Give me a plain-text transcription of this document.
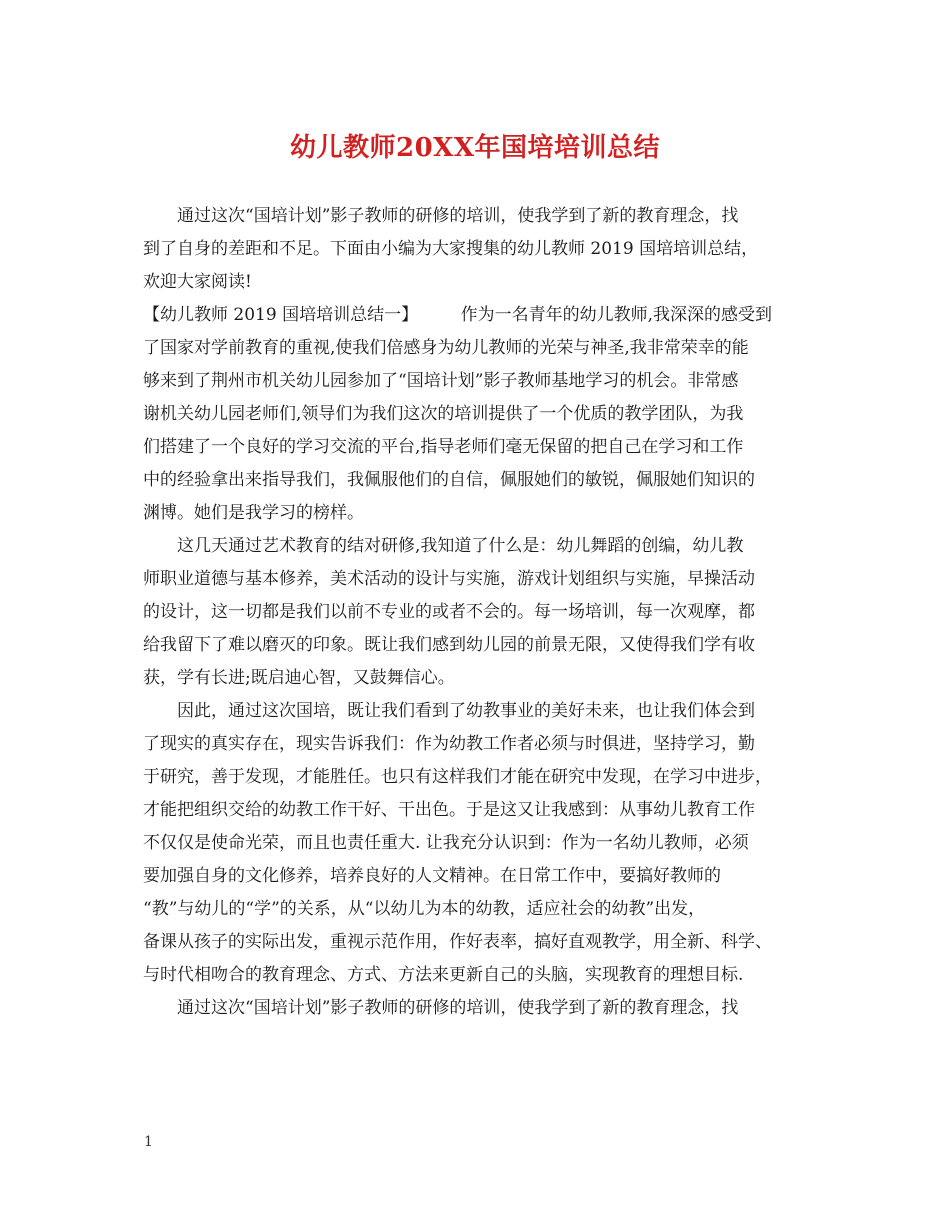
幼儿教师20XX年国培培训总结
通过这次“国培计划”影子教师的研修的培训，使我学到了新的教育理念，找
到了自身的差距和不足。下面由小编为大家搜集的幼儿教师 2019 国培培训总结，
欢迎大家阅读!
【幼儿教师 2019 国培培训总结一】　　　作为一名青年的幼儿教师,我深深的感受到
了国家对学前教育的重视,使我们倍感身为幼儿教师的光荣与神圣,我非常荣幸的能
够来到了荆州市机关幼儿园参加了“国培计划”影子教师基地学习的机会。非常感
谢机关幼儿园老师们,领导们为我们这次的培训提供了一个优质的教学团队，为我
们搭建了一个良好的学习交流的平台,指导老师们毫无保留的把自己在学习和工作
中的经验拿出来指导我们，我佩服他们的自信，佩服她们的敏锐，佩服她们知识的
渊博。她们是我学习的榜样。
这几天通过艺术教育的结对研修,我知道了什么是：幼儿舞蹈的创编，幼儿教
师职业道德与基本修养，美术活动的设计与实施，游戏计划组织与实施，早操活动
的设计，这一切都是我们以前不专业的或者不会的。每一场培训，每一次观摩，都
给我留下了难以磨灭的印象。既让我们感到幼儿园的前景无限，又使得我们学有收
获，学有长进;既启迪心智，又鼓舞信心。
因此，通过这次国培，既让我们看到了幼教事业的美好未来，也让我们体会到
了现实的真实存在，现实告诉我们：作为幼教工作者必须与时俱进，坚持学习，勤
于研究，善于发现，才能胜任。也只有这样我们才能在研究中发现，在学习中进步，
才能把组织交给的幼教工作干好、干出色。于是这又让我感到：从事幼儿教育工作
不仅仅是使命光荣，而且也责任重大. 让我充分认识到：作为一名幼儿教师，必须
要加强自身的文化修养，培养良好的人文精神。在日常工作中，要搞好教师的
“教”与幼儿的“学”的关系，从“以幼儿为本的幼教，适应社会的幼教”出发，
备课从孩子的实际出发，重视示范作用，作好表率，搞好直观教学，用全新、科学、
与时代相吻合的教育理念、方式、方法来更新自己的头脑，实现教育的理想目标.
通过这次“国培计划”影子教师的研修的培训，使我学到了新的教育理念，找
1
